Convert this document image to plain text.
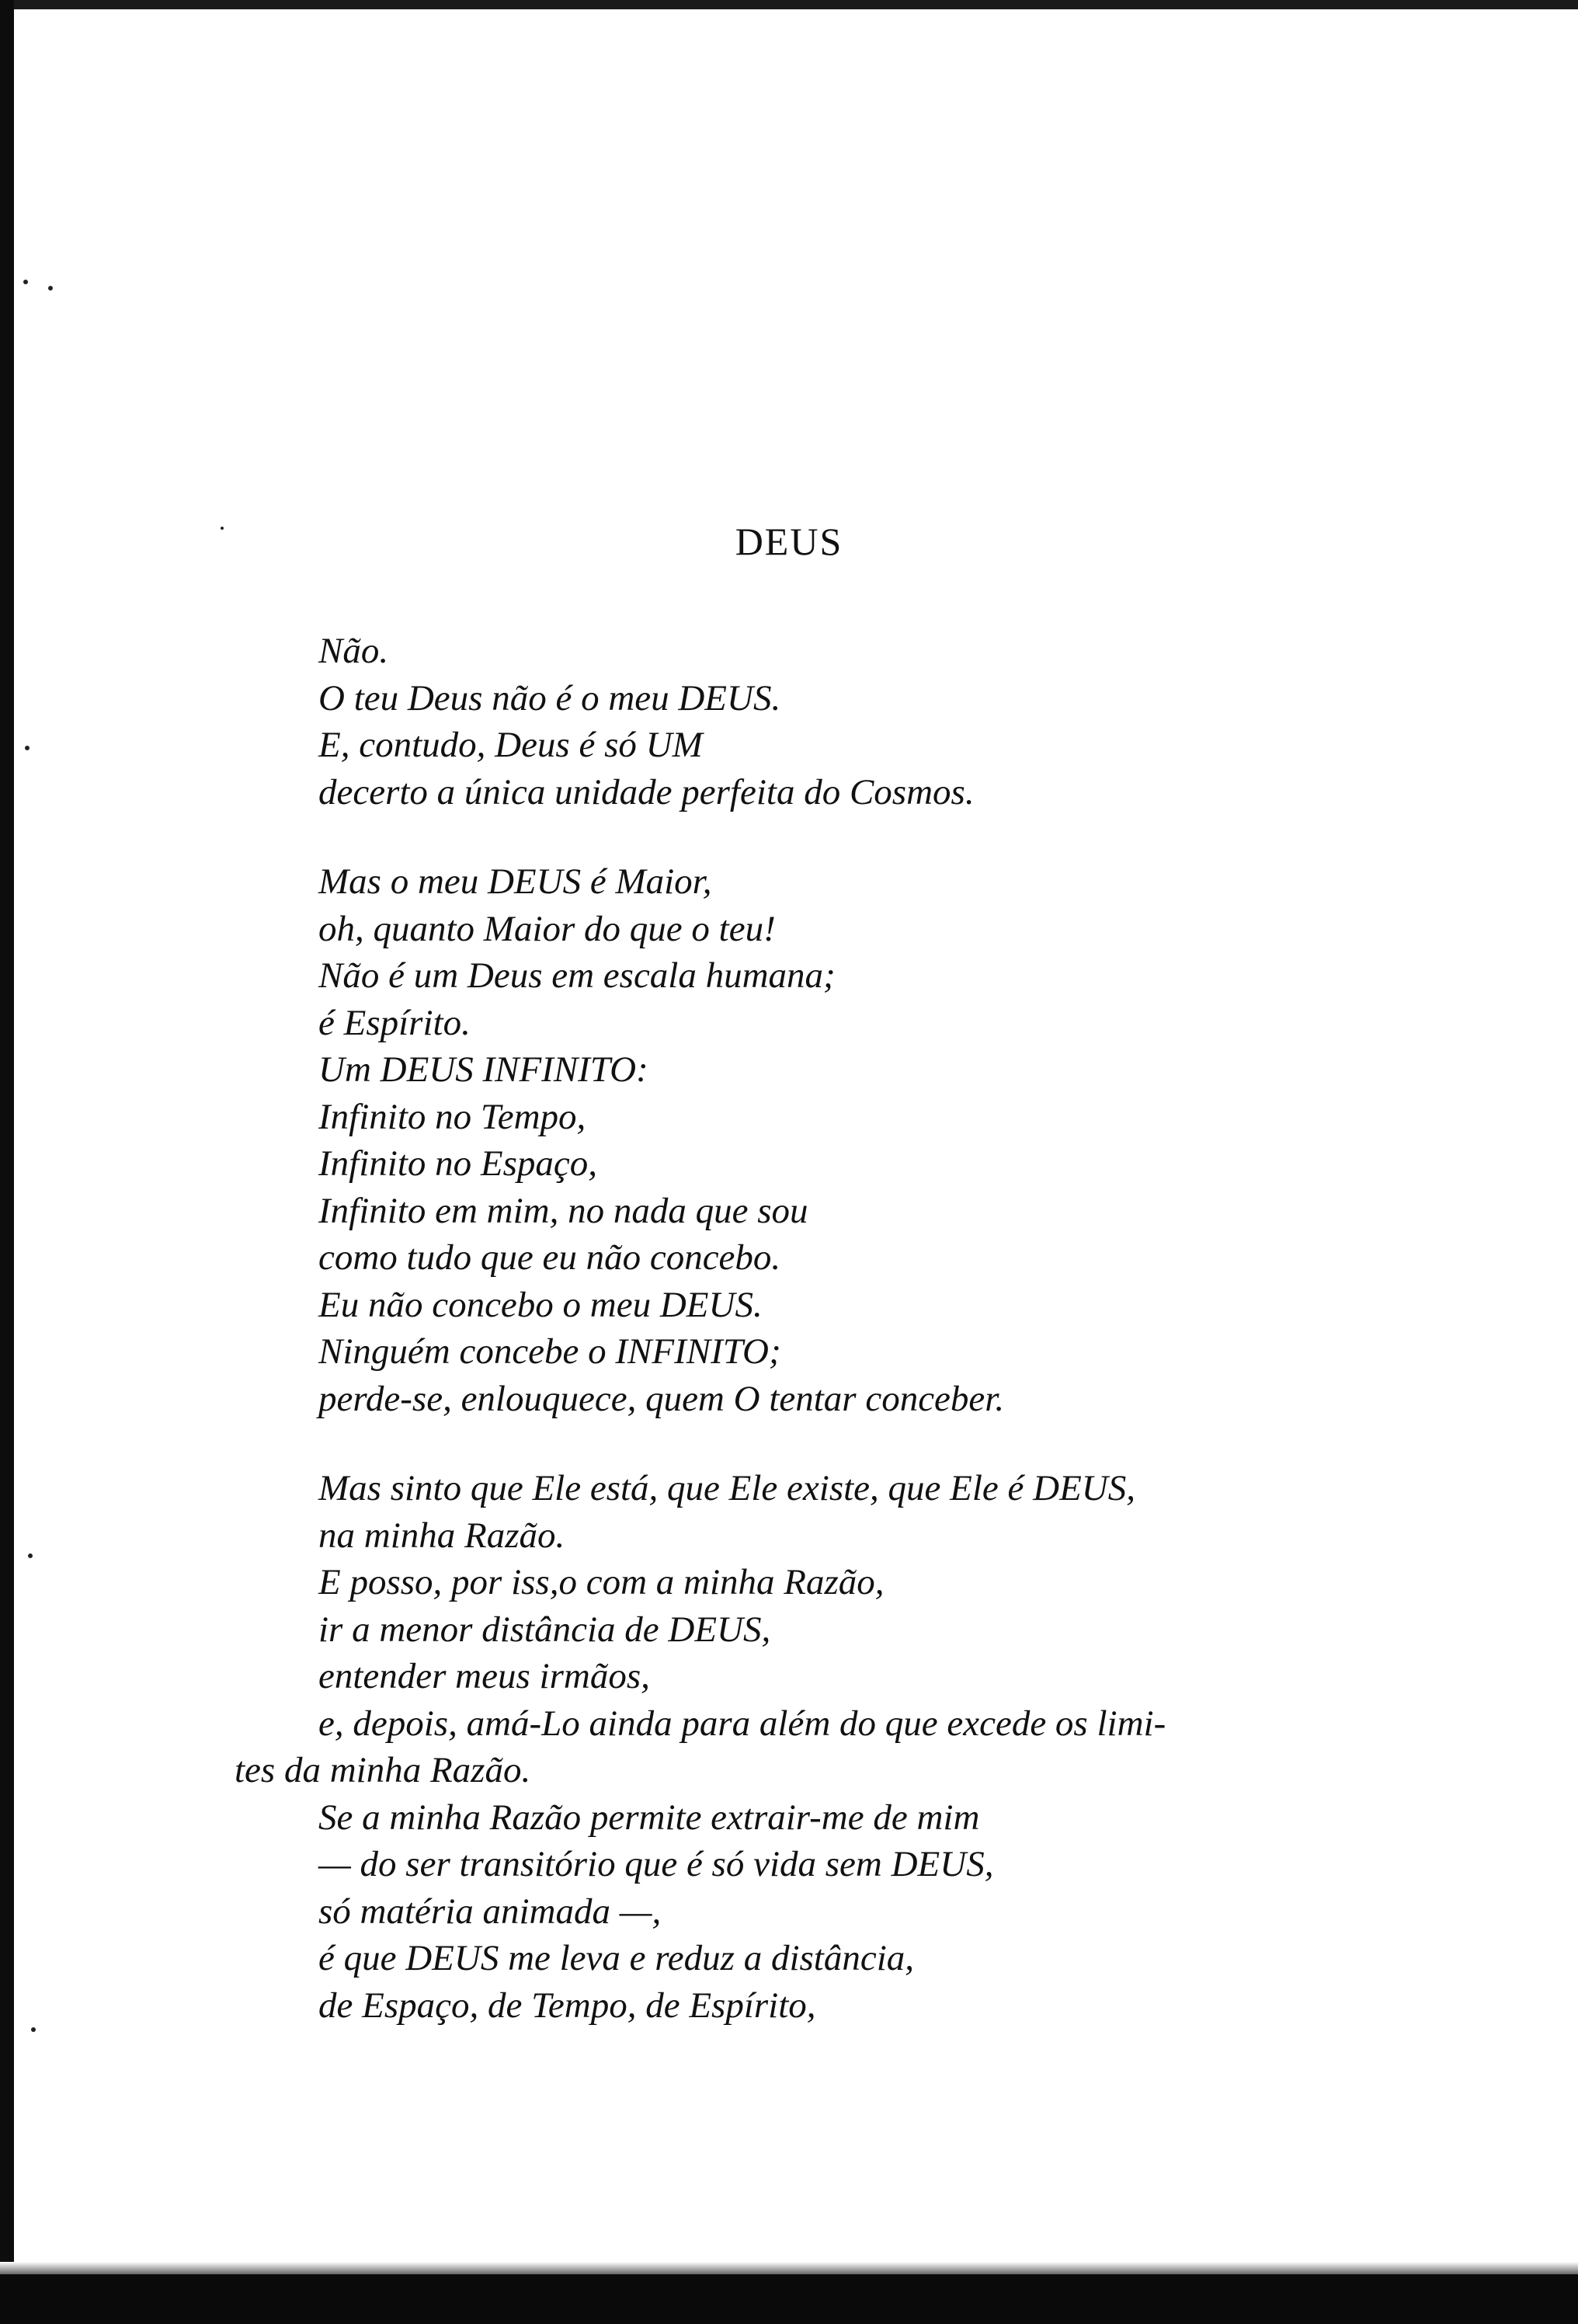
DEUS
Não.
O teu Deus não é o meu DEUS.
E, contudo, Deus é só UM
decerto a única unidade perfeita do Cosmos.
Mas o meu DEUS é Maior,
oh, quanto Maior do que o teu!
Não é um Deus em escala humana;
é Espírito.
Um DEUS INFINITO:
Infinito no Tempo,
Infinito no Espaço,
Infinito em mim, no nada que sou
como tudo que eu não concebo.
Eu não concebo o meu DEUS.
Ninguém concebe o INFINITO;
perde-se, enlouquece, quem O tentar conceber.
Mas sinto que Ele está, que Ele existe, que Ele é DEUS,
na minha Razão.
E posso, por iss,o com a minha Razão,
ir a menor distância de DEUS,
entender meus irmãos,
e, depois, amá-Lo ainda para além do que excede os limi-
tes da minha Razão.
Se a minha Razão permite extrair-me de mim
— do ser transitório que é só vida sem DEUS,
só matéria animada —,
é que DEUS me leva e reduz a distância,
de Espaço, de Tempo, de Espírito,
